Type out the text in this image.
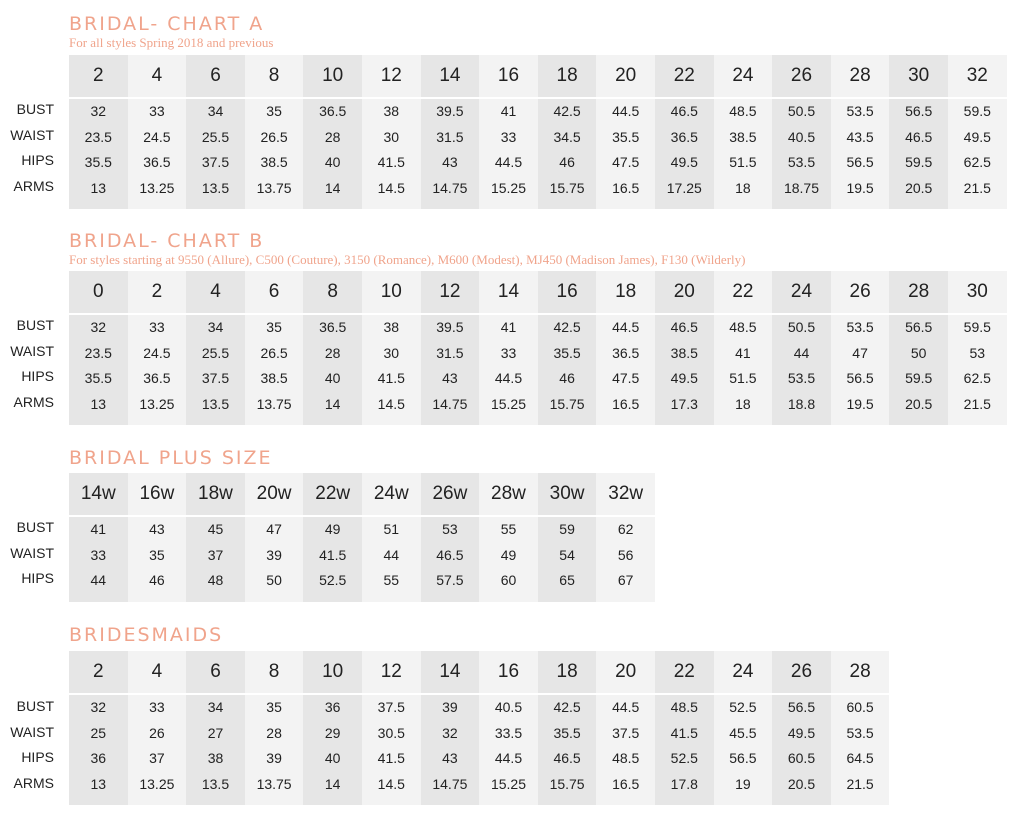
BRIDAL- CHART A
For all styles Spring 2018 and previous
2
32
23.5
35.5
13
4
33
24.5
36.5
13.25
6
34
25.5
37.5
13.5
8
35
26.5
38.5
13.75
10
36.5
28
40
14
12
38
30
41.5
14.5
14
39.5
31.5
43
14.75
16
41
33
44.5
15.25
18
42.5
34.5
46
15.75
20
44.5
35.5
47.5
16.5
22
46.5
36.5
49.5
17.25
24
48.5
38.5
51.5
18
26
50.5
40.5
53.5
18.75
28
53.5
43.5
56.5
19.5
30
56.5
46.5
59.5
20.5
32
59.5
49.5
62.5
21.5
BUST
WAIST
HIPS
ARMS
BRIDAL- CHART B
For styles starting at 9550 (Allure), C500 (Couture), 3150 (Romance), M600 (Modest), MJ450 (Madison James), F130 (Wilderly)
0
32
23.5
35.5
13
2
33
24.5
36.5
13.25
4
34
25.5
37.5
13.5
6
35
26.5
38.5
13.75
8
36.5
28
40
14
10
38
30
41.5
14.5
12
39.5
31.5
43
14.75
14
41
33
44.5
15.25
16
42.5
35.5
46
15.75
18
44.5
36.5
47.5
16.5
20
46.5
38.5
49.5
17.3
22
48.5
41
51.5
18
24
50.5
44
53.5
18.8
26
53.5
47
56.5
19.5
28
56.5
50
59.5
20.5
30
59.5
53
62.5
21.5
BUST
WAIST
HIPS
ARMS
BRIDAL PLUS SIZE
14w
41
33
44
16w
43
35
46
18w
45
37
48
20w
47
39
50
22w
49
41.5
52.5
24w
51
44
55
26w
53
46.5
57.5
28w
55
49
60
30w
59
54
65
32w
62
56
67
BUST
WAIST
HIPS
BRIDESMAIDS
2
32
25
36
13
4
33
26
37
13.25
6
34
27
38
13.5
8
35
28
39
13.75
10
36
29
40
14
12
37.5
30.5
41.5
14.5
14
39
32
43
14.75
16
40.5
33.5
44.5
15.25
18
42.5
35.5
46.5
15.75
20
44.5
37.5
48.5
16.5
22
48.5
41.5
52.5
17.8
24
52.5
45.5
56.5
19
26
56.5
49.5
60.5
20.5
28
60.5
53.5
64.5
21.5
BUST
WAIST
HIPS
ARMS
